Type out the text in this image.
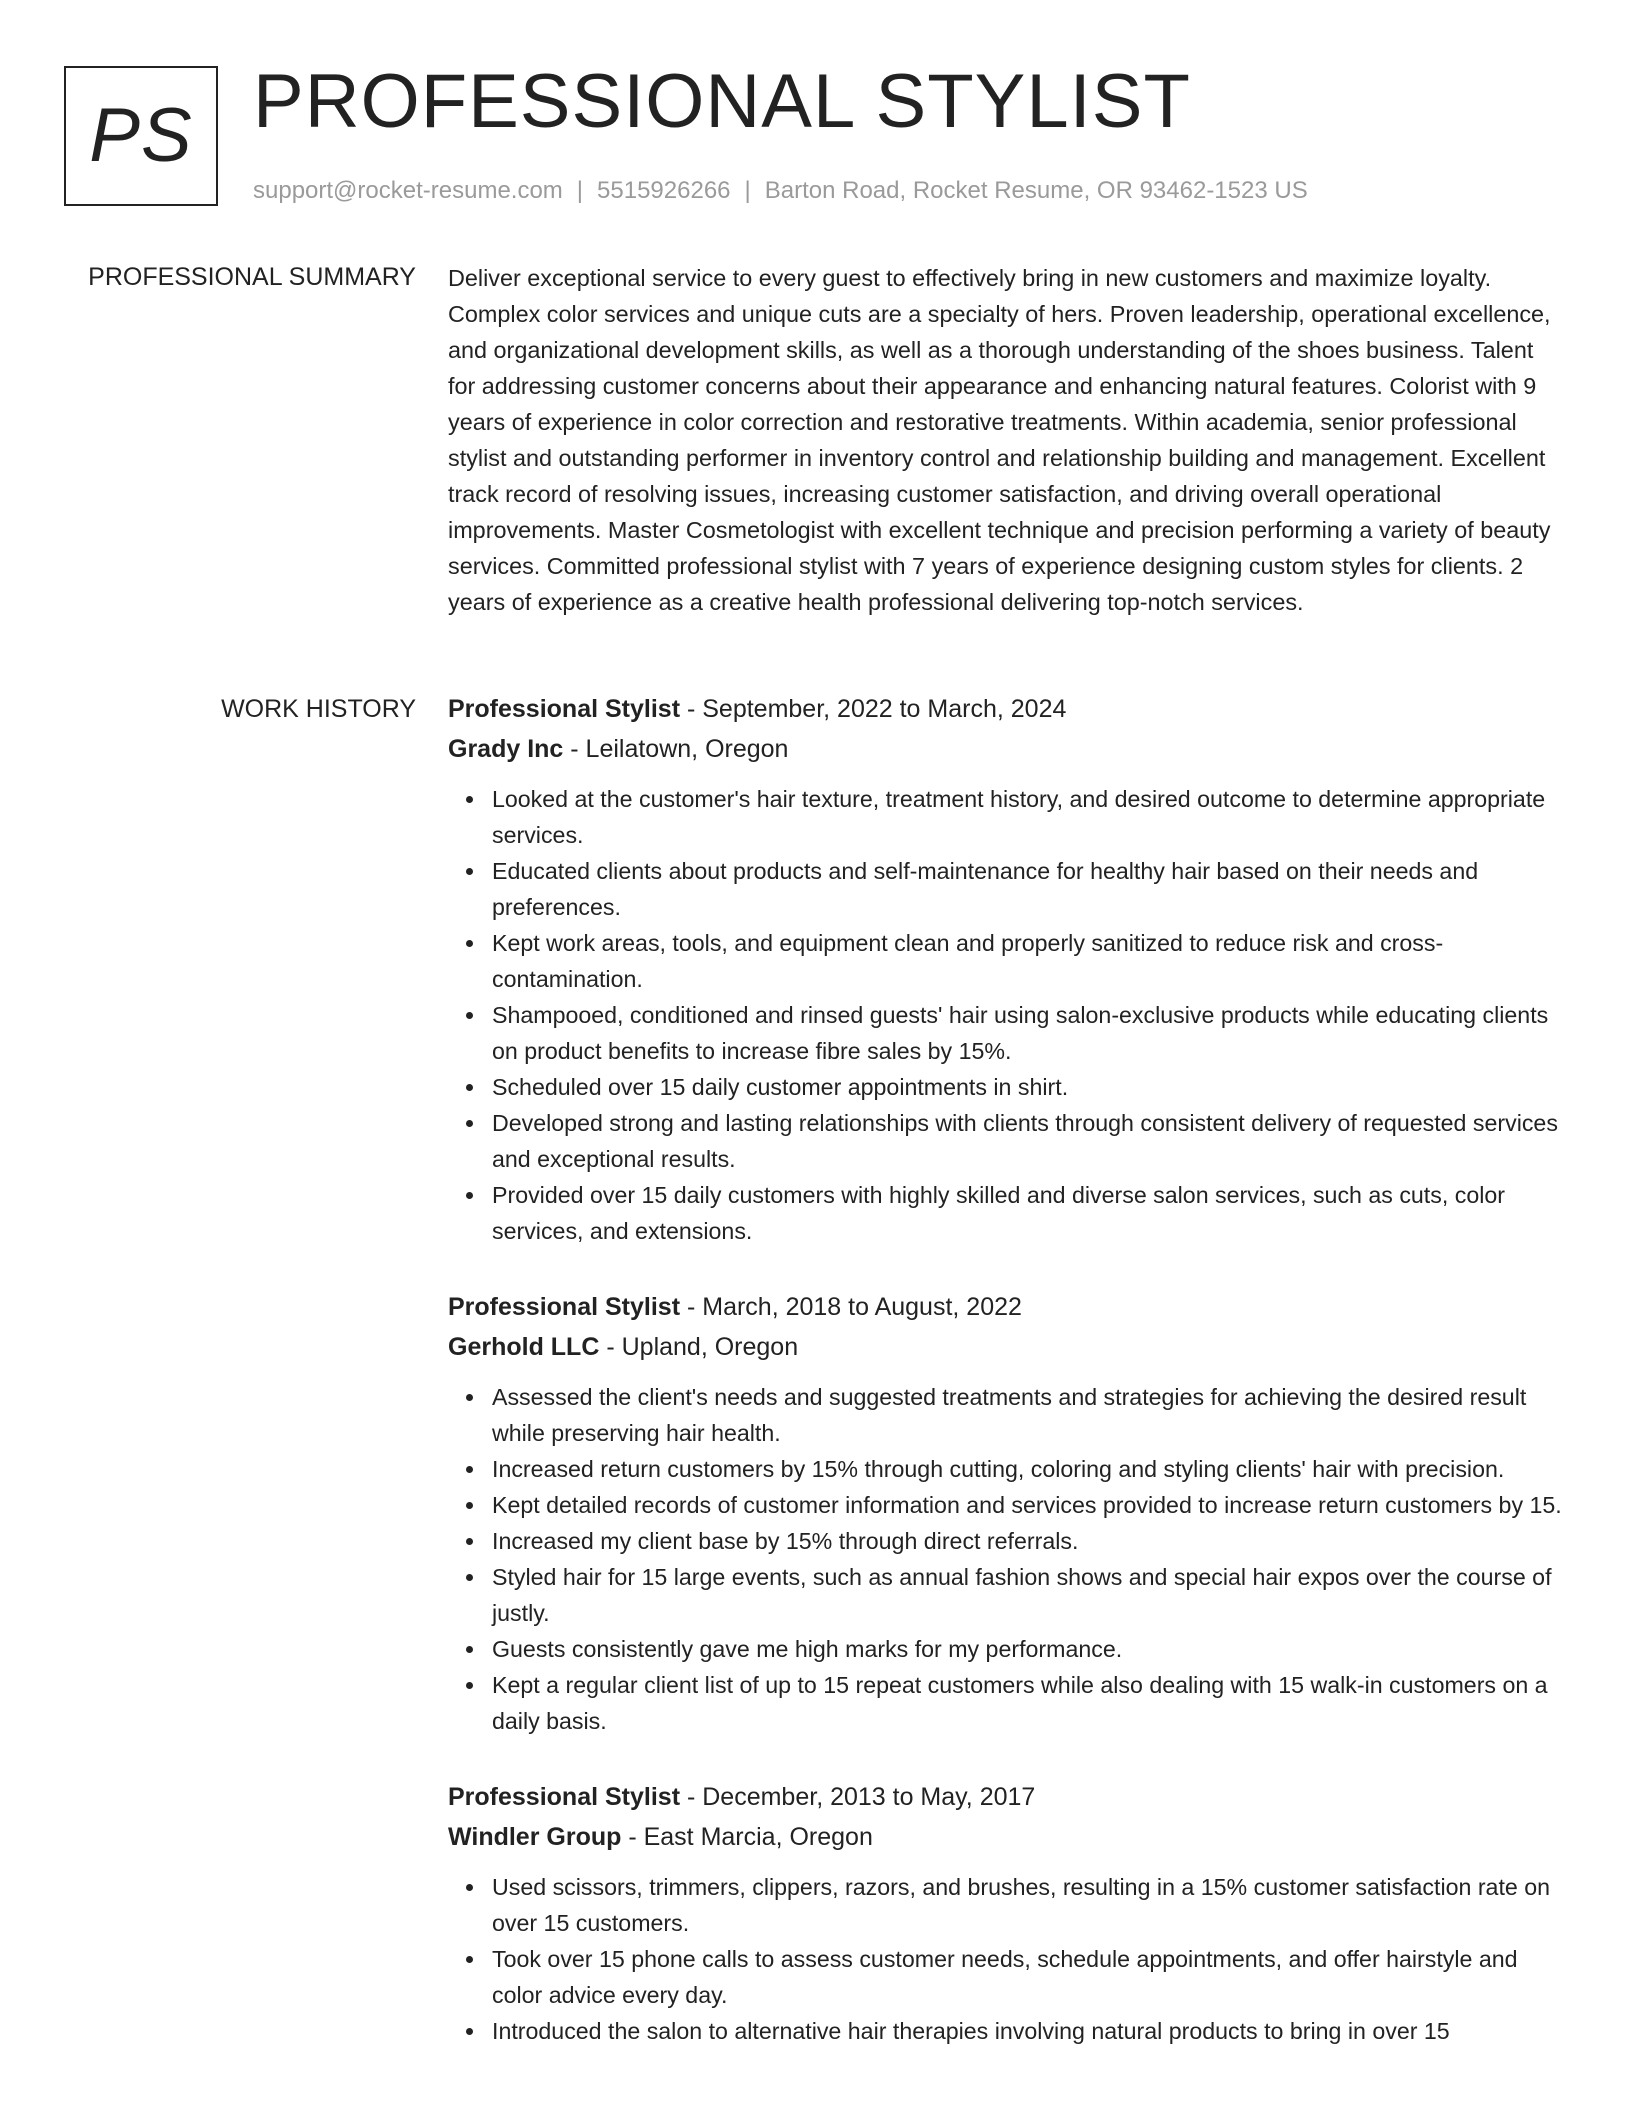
PS PROFESSIONAL STYLIST
support@rocket-resume.com | 5515926266 | Barton Road, Rocket Resume, OR 93462-1523 US
PROFESSIONAL SUMMARY Deliver exceptional service to every guest to effectively bring in new customers and maximize loyalty. Complex color services and unique cuts are a specialty of hers. Proven leadership, operational excellence, and organizational development skills, as well as a thorough understanding of the shoes business. Talent for addressing customer concerns about their appearance and enhancing natural features. Colorist with 9 years of experience in color correction and restorative treatments. Within academia, senior professional stylist and outstanding performer in inventory control and relationship building and management. Excellent track record of resolving issues, increasing customer satisfaction, and driving overall operational improvements. Master Cosmetologist with excellent technique and precision performing a variety of beauty services. Committed professional stylist with 7 years of experience designing custom styles for clients. 2 years of experience as a creative health professional delivering top-notch services.

WORK HISTORY Professional Stylist - September, 2022 to March, 2024
Grady Inc - Leilatown, Oregon
Looked at the customer's hair texture, treatment history, and desired outcome to determine appropriate services.
Educated clients about products and self-maintenance for healthy hair based on their needs and preferences.
Kept work areas, tools, and equipment clean and properly sanitized to reduce risk and cross-contamination.
Shampooed, conditioned and rinsed guests' hair using salon-exclusive products while educating clients on product benefits to increase fibre sales by 15%.
Scheduled over 15 daily customer appointments in shirt.
Developed strong and lasting relationships with clients through consistent delivery of requested services and exceptional results.
Provided over 15 daily customers with highly skilled and diverse salon services, such as cuts, color services, and extensions.
Professional Stylist - March, 2018 to August, 2022
Gerhold LLC - Upland, Oregon
Assessed the client's needs and suggested treatments and strategies for achieving the desired result while preserving hair health.
Increased return customers by 15% through cutting, coloring and styling clients' hair with precision.
Kept detailed records of customer information and services provided to increase return customers by 15.
Increased my client base by 15% through direct referrals.
Styled hair for 15 large events, such as annual fashion shows and special hair expos over the course of justly.
Guests consistently gave me high marks for my performance.
Kept a regular client list of up to 15 repeat customers while also dealing with 15 walk-in customers on a daily basis.
Professional Stylist - December, 2013 to May, 2017
Windler Group - East Marcia, Oregon
Used scissors, trimmers, clippers, razors, and brushes, resulting in a 15% customer satisfaction rate on over 15 customers.
Took over 15 phone calls to assess customer needs, schedule appointments, and offer hairstyle and color advice every day.
Introduced the salon to alternative hair therapies involving natural products to bring in over 15
